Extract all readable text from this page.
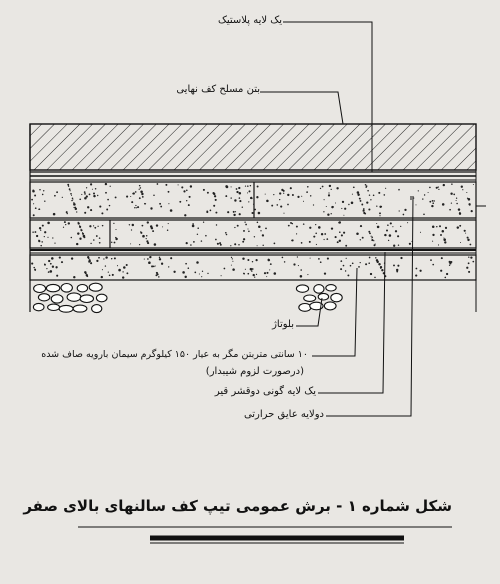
یک لایه پلاستیک
بتن مسلح کف نهایی
بلوتاژ
۱۰ سانتی متربتن مگر به عیار ۱۵۰ کیلوگرم سیمان بارویه صاف شده
(درصورت لزوم شیبدار)
یک لایه گونی دوقشر قیر
دولایه عایق حرارتی
شکل شماره ۱ - برش عمومی تیپ کف سالنهای بالای صفر
